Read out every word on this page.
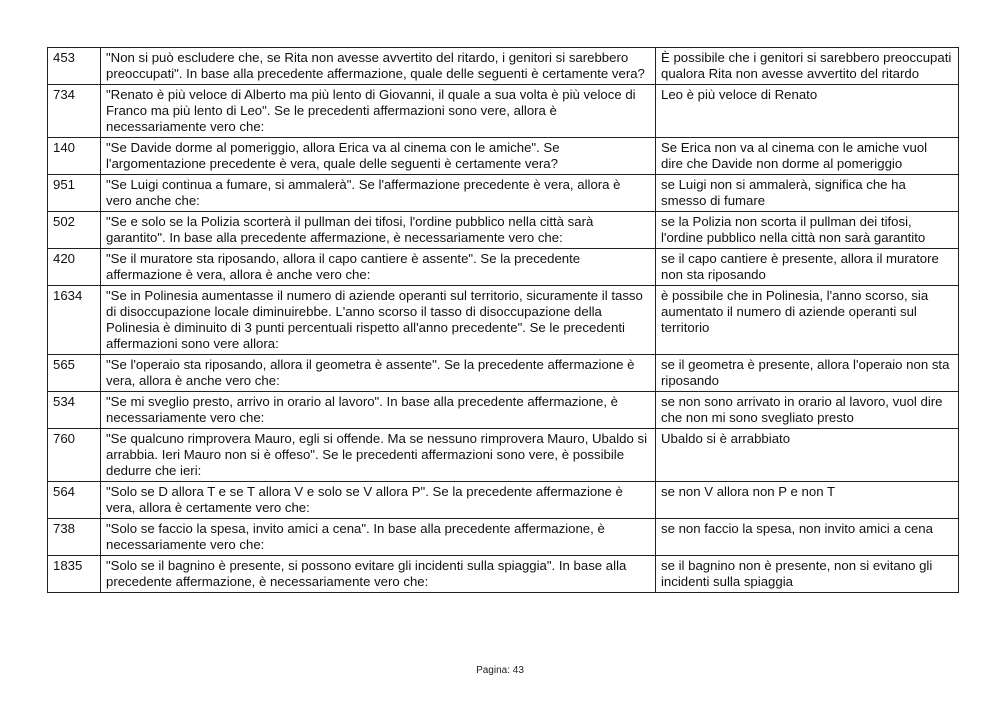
453	"Non si può escludere che, se Rita non avesse avvertito del ritardo, i genitori si sarebbero preoccupati". In base alla precedente affermazione, quale delle seguenti è certamente vera?	È possibile che i genitori si sarebbero preoccupati qualora Rita non avesse avvertito del ritardo
734	"Renato è più veloce di Alberto ma più lento di Giovanni, il quale a sua volta è più veloce di Franco ma più lento di Leo". Se le precedenti affermazioni sono vere, allora è necessariamente vero che:	Leo è più veloce di Renato
140	"Se Davide dorme al pomeriggio, allora Erica va al cinema con le amiche". Se l'argomentazione precedente è vera, quale delle seguenti è certamente vera?	Se Erica non va al cinema con le amiche vuol dire che Davide non dorme al pomeriggio
951	"Se Luigi continua a fumare, si ammalerà". Se l'affermazione precedente è vera, allora è vero anche che:	se Luigi non si ammalerà, significa che ha smesso di fumare
502	"Se e solo se la Polizia scorterà il pullman dei tifosi, l'ordine pubblico nella città sarà garantito". In base alla precedente affermazione, è necessariamente vero che:	se la Polizia non scorta il pullman dei tifosi, l'ordine pubblico nella città non sarà garantito
420	"Se il muratore sta riposando, allora il capo cantiere è assente". Se la precedente affermazione è vera, allora è anche vero che:	se il capo cantiere è presente, allora il muratore non sta riposando
1634	"Se in Polinesia aumentasse il numero di aziende operanti sul territorio, sicuramente il tasso di disoccupazione locale diminuirebbe. L'anno scorso il tasso di disoccupazione della Polinesia è diminuito di 3 punti percentuali rispetto all'anno precedente". Se le precedenti affermazioni sono vere allora:	è possibile che in Polinesia, l'anno scorso, sia aumentato il numero di aziende operanti sul territorio
565	"Se l'operaio sta riposando, allora il geometra è assente". Se la precedente affermazione è vera, allora è anche vero che:	se il geometra è presente, allora l'operaio non sta riposando
534	"Se mi sveglio presto, arrivo in orario al lavoro". In base alla precedente affermazione, è necessariamente vero che:	se non sono arrivato in orario al lavoro, vuol dire che non mi sono svegliato presto
760	"Se qualcuno rimprovera Mauro, egli si offende. Ma se nessuno rimprovera Mauro, Ubaldo si arrabbia. Ieri Mauro non si è offeso". Se le precedenti affermazioni sono vere, è possibile dedurre che ieri:	Ubaldo si è arrabbiato
564	"Solo se D allora T e se T allora V e solo se V allora P". Se la precedente affermazione è vera, allora è certamente vero che:	se non V allora non P e non T
738	"Solo se faccio la spesa, invito amici a cena". In base alla precedente affermazione, è necessariamente vero che:	se non faccio la spesa, non invito amici a cena
1835	"Solo se il bagnino è presente, si possono evitare gli incidenti sulla spiaggia". In base alla precedente affermazione, è necessariamente vero che:	se il bagnino non è presente, non si evitano gli incidenti sulla spiaggia
Pagina: 43
